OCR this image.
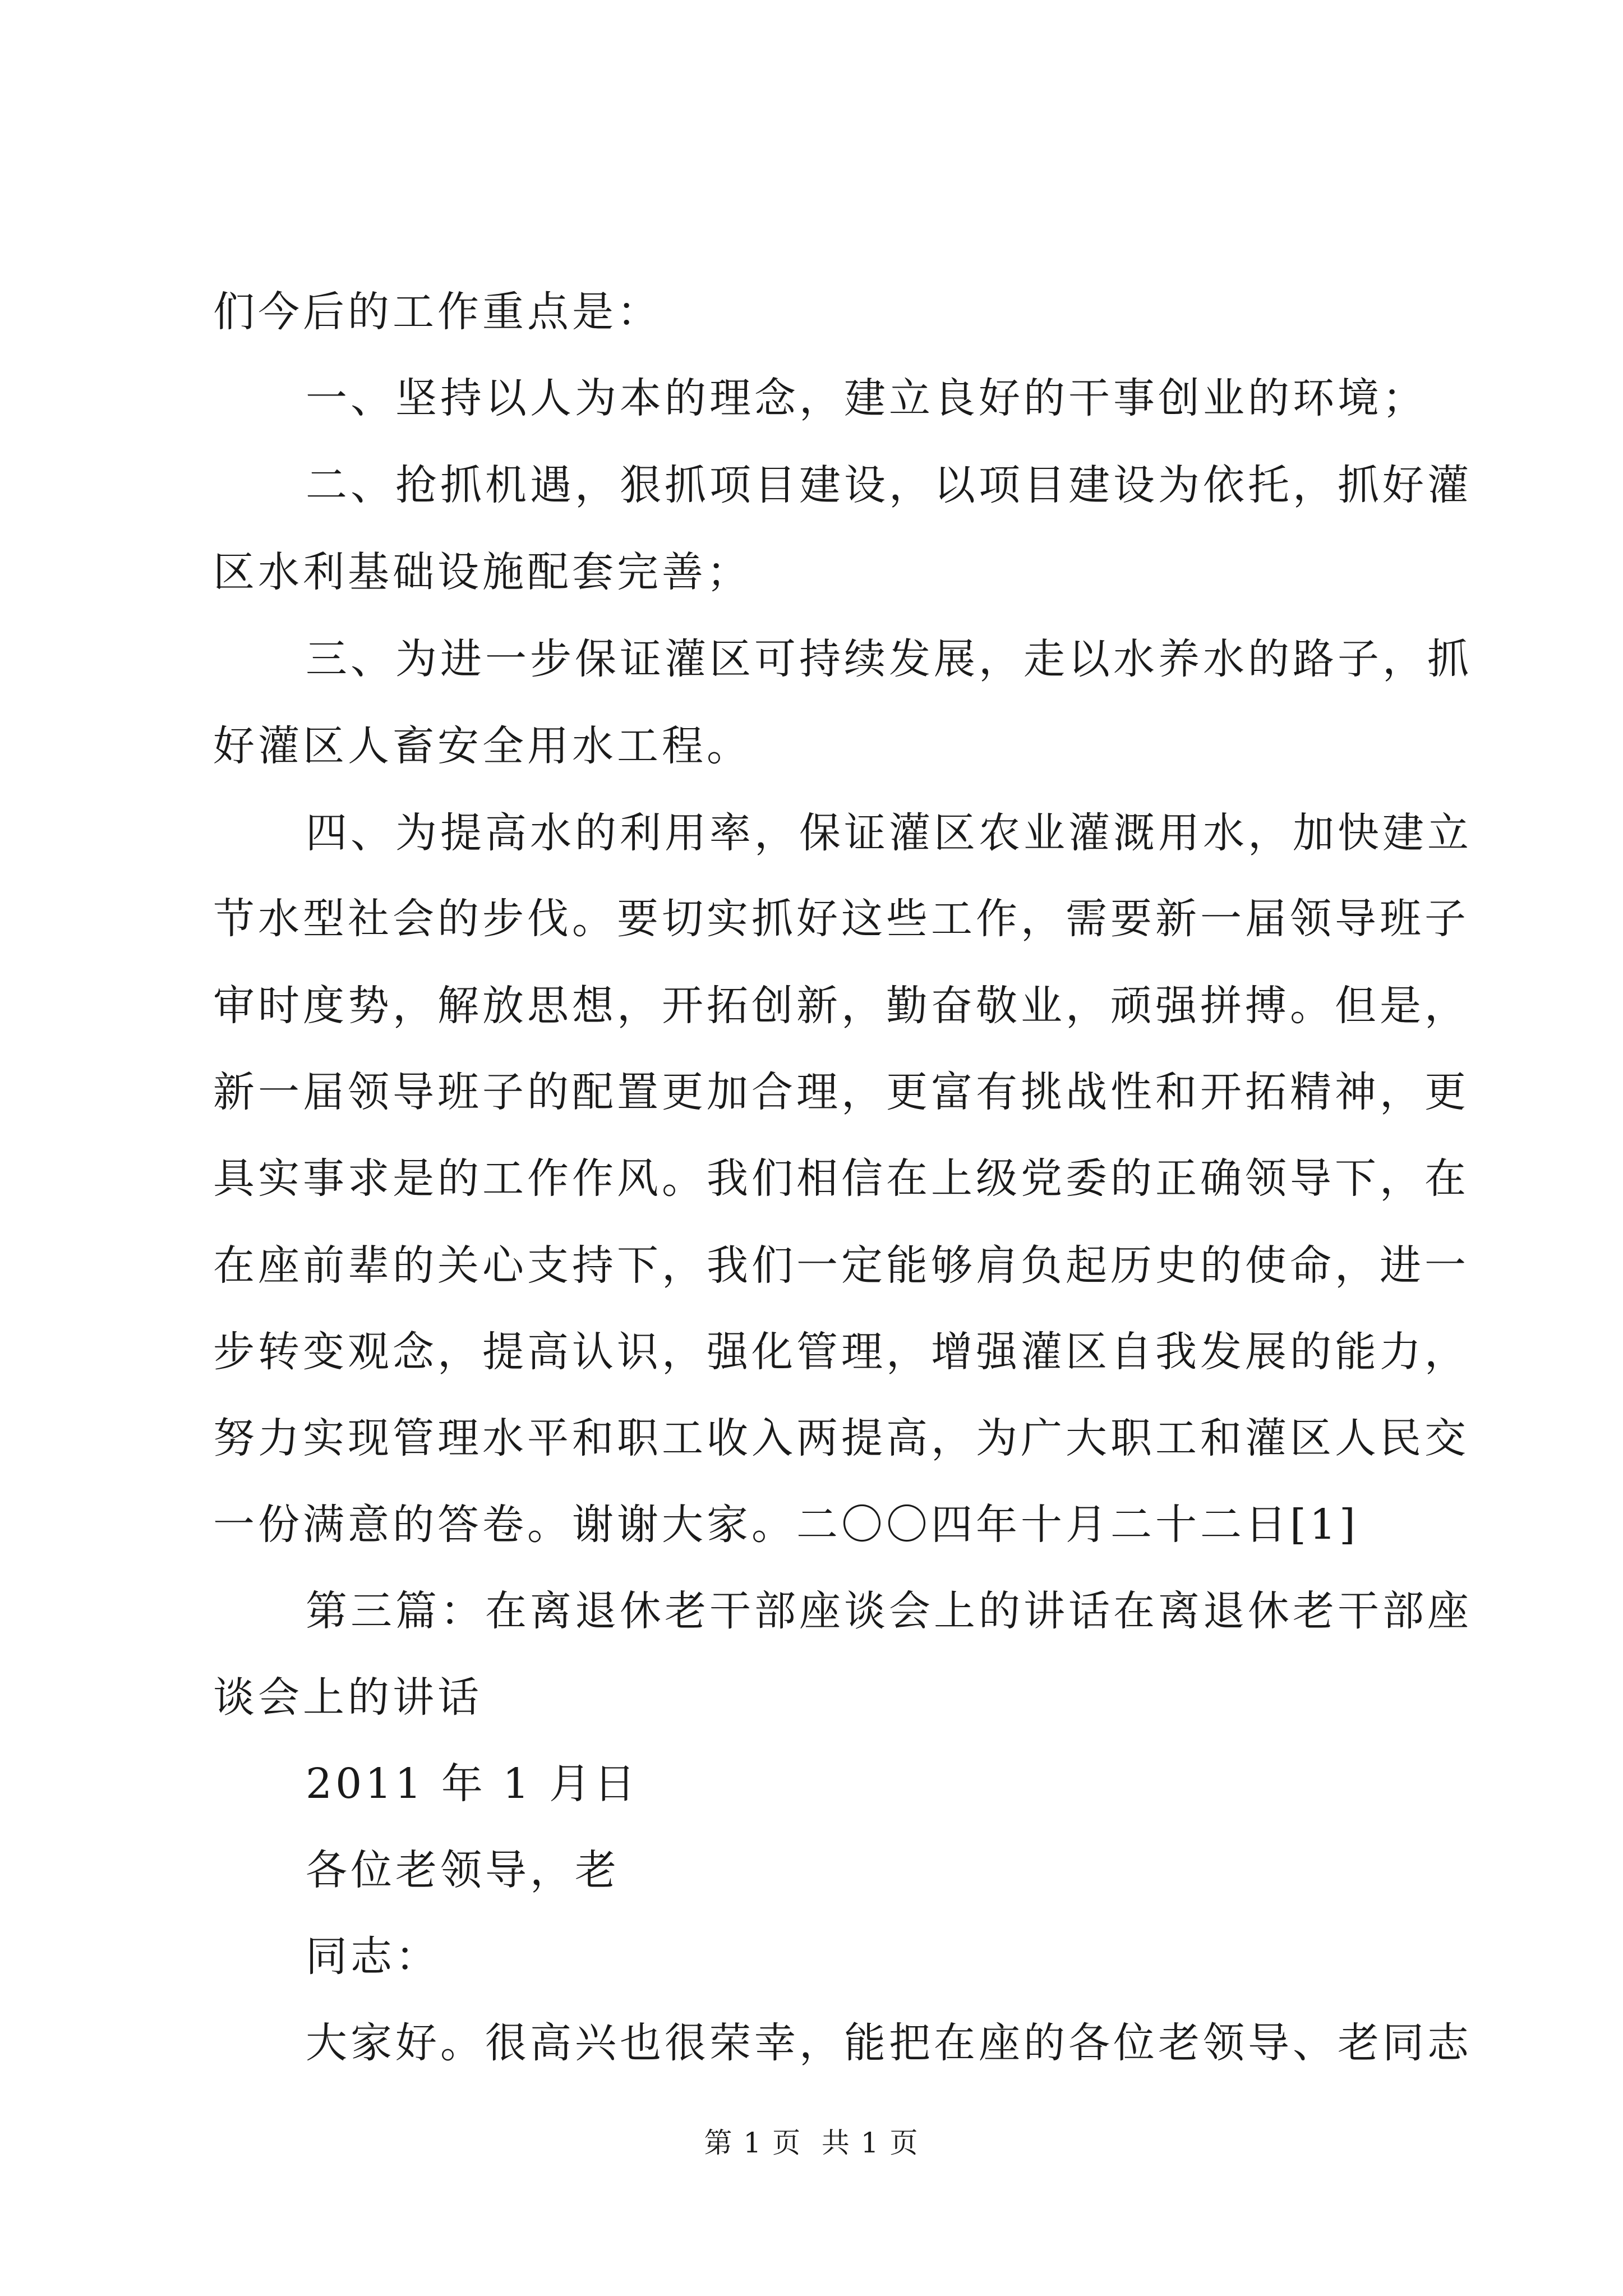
们今后的工作重点是：
一、坚持以人为本的理念，建立良好的干事创业的环境；
二、抢抓机遇，狠抓项目建设，以项目建设为依托，抓好灌
区水利基础设施配套完善；
三、为进一步保证灌区可持续发展，走以水养水的路子，抓
好灌区人畜安全用水工程。
四、为提高水的利用率，保证灌区农业灌溉用水，加快建立
节水型社会的步伐。要切实抓好这些工作，需要新一届领导班子
审时度势，解放思想，开拓创新，勤奋敬业，顽强拼搏。但是，
新一届领导班子的配置更加合理，更富有挑战性和开拓精神，更
具实事求是的工作作风。我们相信在上级党委的正确领导下，在
在座前辈的关心支持下，我们一定能够肩负起历史的使命，进一
步转变观念，提高认识，强化管理，增强灌区自我发展的能力，
努力实现管理水平和职工收入两提高，为广大职工和灌区人民交
一份满意的答卷。谢谢大家。二〇〇四年十月二十二日[1]
第三篇：在离退休老干部座谈会上的讲话在离退休老干部座
谈会上的讲话
2011 年 1 月日
各位老领导，老
同志：
大家好。很高兴也很荣幸，能把在座的各位老领导、老同志
第 1 页  共 1 页
